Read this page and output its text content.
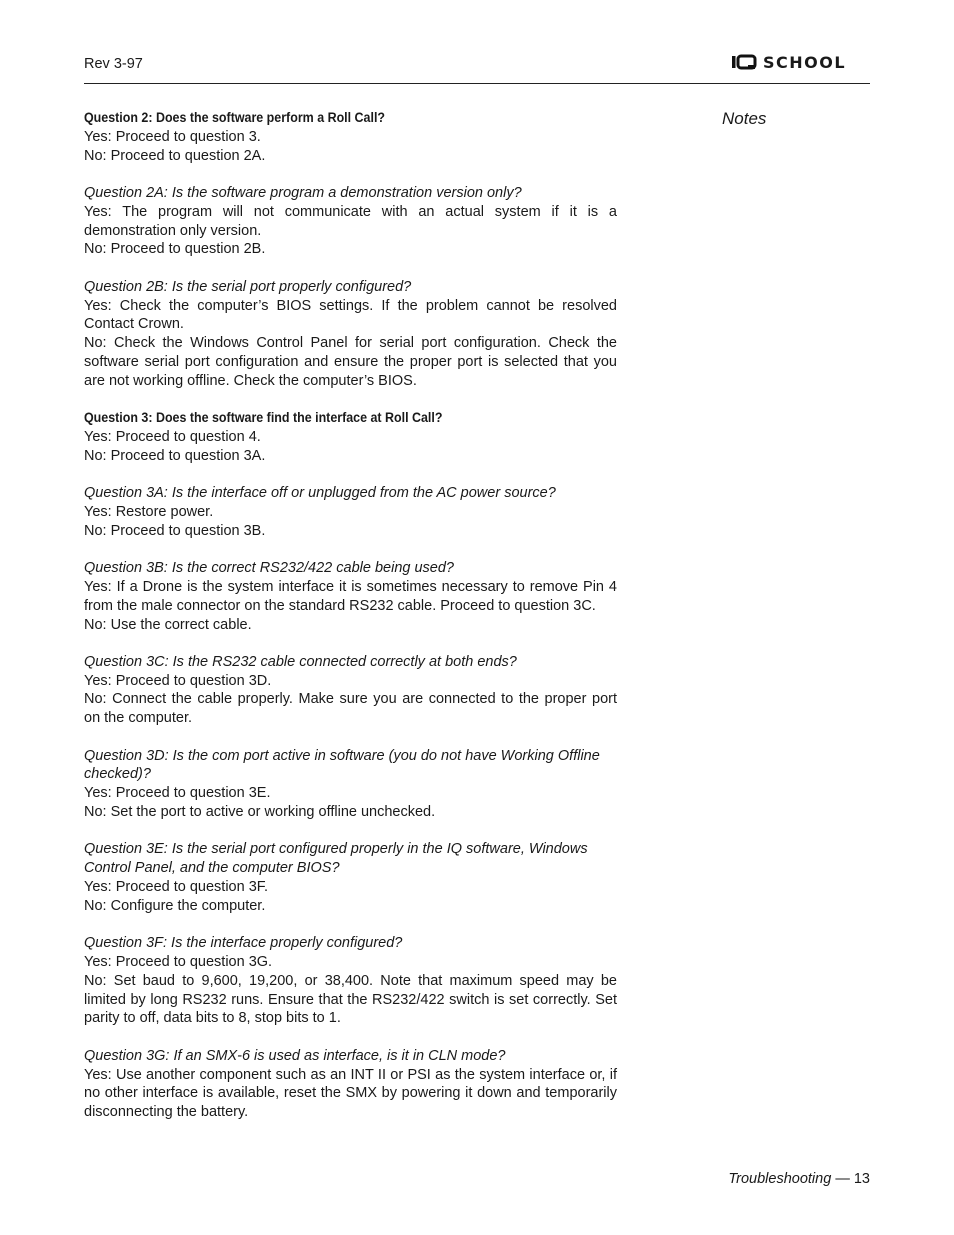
Rev 3-97	SCHOOL
Notes

Question 2: Does the software perform a Roll Call?

Yes: Proceed to question 3.

No: Proceed to question 2A.

Question 2A: Is the software program a demonstration version only?

Yes: The program will not communicate with an actual system if it is a demonstration only version.

No: Proceed to question 2B.

Question 2B: Is the serial port properly configured?

Yes: Check the computer’s BIOS settings. If the problem cannot be resolved Contact Crown.

No: Check the Windows Control Panel for serial port configuration. Check the software serial port configuration and ensure the proper port is selected that you are not working offline. Check the computer’s BIOS.

Question 3: Does the software find the interface at Roll Call?

Yes: Proceed to question 4.

No: Proceed to question 3A.

Question 3A: Is the interface off or unplugged from the AC power source?

Yes: Restore power.

No: Proceed to question 3B.

Question 3B: Is the correct RS232/422 cable being used?

Yes: If a Drone is the system interface it is sometimes necessary to remove Pin 4 from the male connector on the standard RS232 cable. Proceed to question 3C.

No: Use the correct cable.

Question 3C: Is the RS232 cable connected correctly at both ends?

Yes: Proceed to question 3D.

No: Connect the cable properly. Make sure you are connected to the proper port on the computer.

Question 3D: Is the com port active in software (you do not have Working Offline checked)?

Yes: Proceed to question 3E.

No: Set the port to active or working offline unchecked.

Question 3E: Is the serial port configured properly in the IQ software, Windows Control Panel, and the computer BIOS?

Yes: Proceed to question 3F.

No: Configure the computer.

Question 3F: Is the interface properly configured?

Yes: Proceed to question 3G.

No: Set baud to 9,600, 19,200, or 38,400. Note that maximum speed may be limited by long RS232 runs. Ensure that the RS232/422 switch is set correctly. Set parity to off, data bits to 8, stop bits to 1.

Question 3G: If an SMX-6 is used as interface, is it in CLN mode?

Yes: Use another component such as an INT II or PSI as the system interface or, if no other interface is available, reset the SMX by powering it down and temporarily disconnecting the battery.

Troubleshooting — 13
